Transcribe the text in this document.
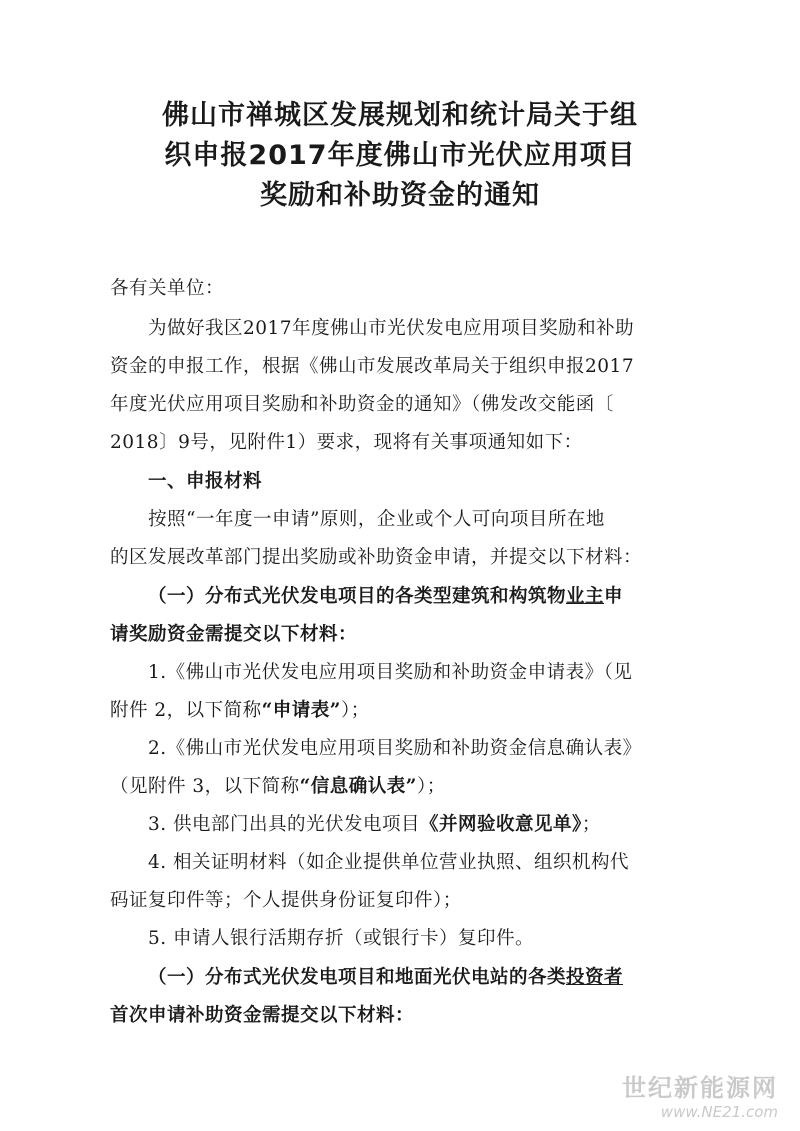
佛山市禅城区发展规划和统计局关于组
织申报2017年度佛山市光伏应用项目
奖励和补助资金的通知
各有关单位：
为做好我区2017年度佛山市光伏发电应用项目奖励和补助
资金的申报工作，根据《佛山市发展改革局关于组织申报2017
年度光伏应用项目奖励和补助资金的通知》（佛发改交能函〔
2018〕9号，见附件1）要求，现将有关事项通知如下：
一、申报材料
按照“一年度一申请”原则，企业或个人可向项目所在地
的区发展改革部门提出奖励或补助资金申请，并提交以下材料：
（一）分布式光伏发电项目的各类型建筑和构筑物业主申
请奖励资金需提交以下材料：
1.《佛山市光伏发电应用项目奖励和补助资金申请表》（见
附件 2，以下简称“申请表”）；
2.《佛山市光伏发电应用项目奖励和补助资金信息确认表》
（见附件 3，以下简称“信息确认表”）；
3. 供电部门出具的光伏发电项目《并网验收意见单》；
4. 相关证明材料（如企业提供单位营业执照、组织机构代
码证复印件等；个人提供身份证复印件）；
5. 申请人银行活期存折（或银行卡）复印件。
（一）分布式光伏发电项目和地面光伏电站的各类投资者
首次申请补助资金需提交以下材料：
世纪新能源网
www.NE21.com
